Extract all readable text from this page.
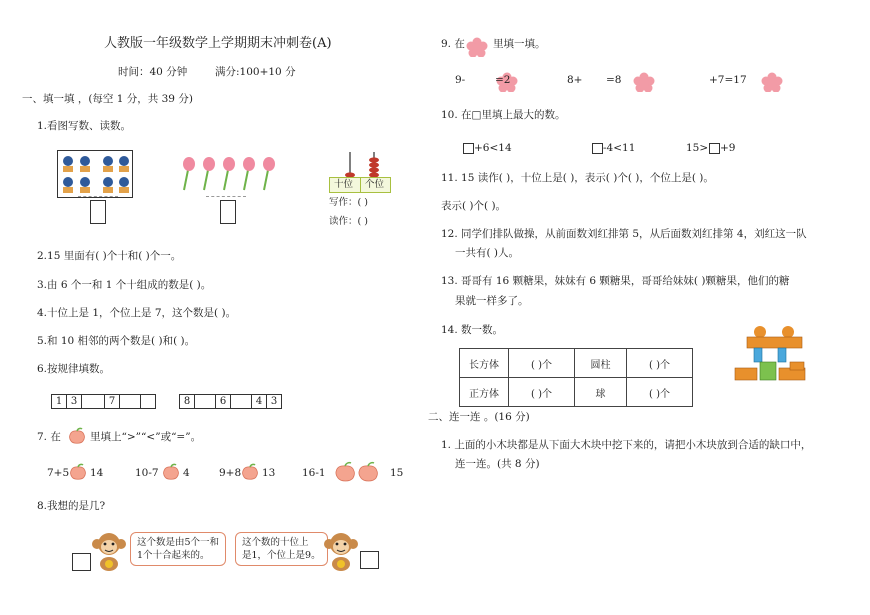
人教版一年级数学上学期期末冲刺卷(A)
时间：40 分钟	满分:100+10 分
一、填一填 ，(每空 1 分，共 39 分)
1.看图写数、读数。
十位 个位
写作：( )
读作：( )
2.15 里面有( )个十和( )个一。
3.由 6 个一和 1 个十组成的数是( )。
4.十位上是 1，个位上是 7，这个数是( )。
5.和 10 相邻的两个数是( )和( )。
6.按规律填数。
1	3		7			8		6		4	3
7. 在	里填上“>”“<”或“=”。
7+5 14	10-7 4	9+8 13	16-1	15
8.我想的是几?
这个数是由5个一和
1个十合起来的。
这个数的十位上
是1，个位上是9。
9. 在
	里填一填。
9-
	=2	8+
=8	+7=17
10. 在□里填上最大的数。
+6<14	-4<11	15> +9
11. 15 读作( )，十位上是( )，表示( )个( )，个位上是( )。
表示( )个( )。
12. 同学们排队做操，从前面数刘红排第 5，从后面数刘红排第 4，刘红这一队
一共有( )人。
13. 哥哥有 16 颗糖果，妹妹有 6 颗糖果，哥哥给妹妹( )颗糖果，他们的糖
果就一样多了。
14. 数一数。
长方体	( )个	圆柱	( )个
正方体	( )个	球	( )个
二、连一连 。(16 分)
1. 上面的小木块都是从下面大木块中挖下来的，请把小木块放到合适的缺口中，
连一连。(共 8 分)
